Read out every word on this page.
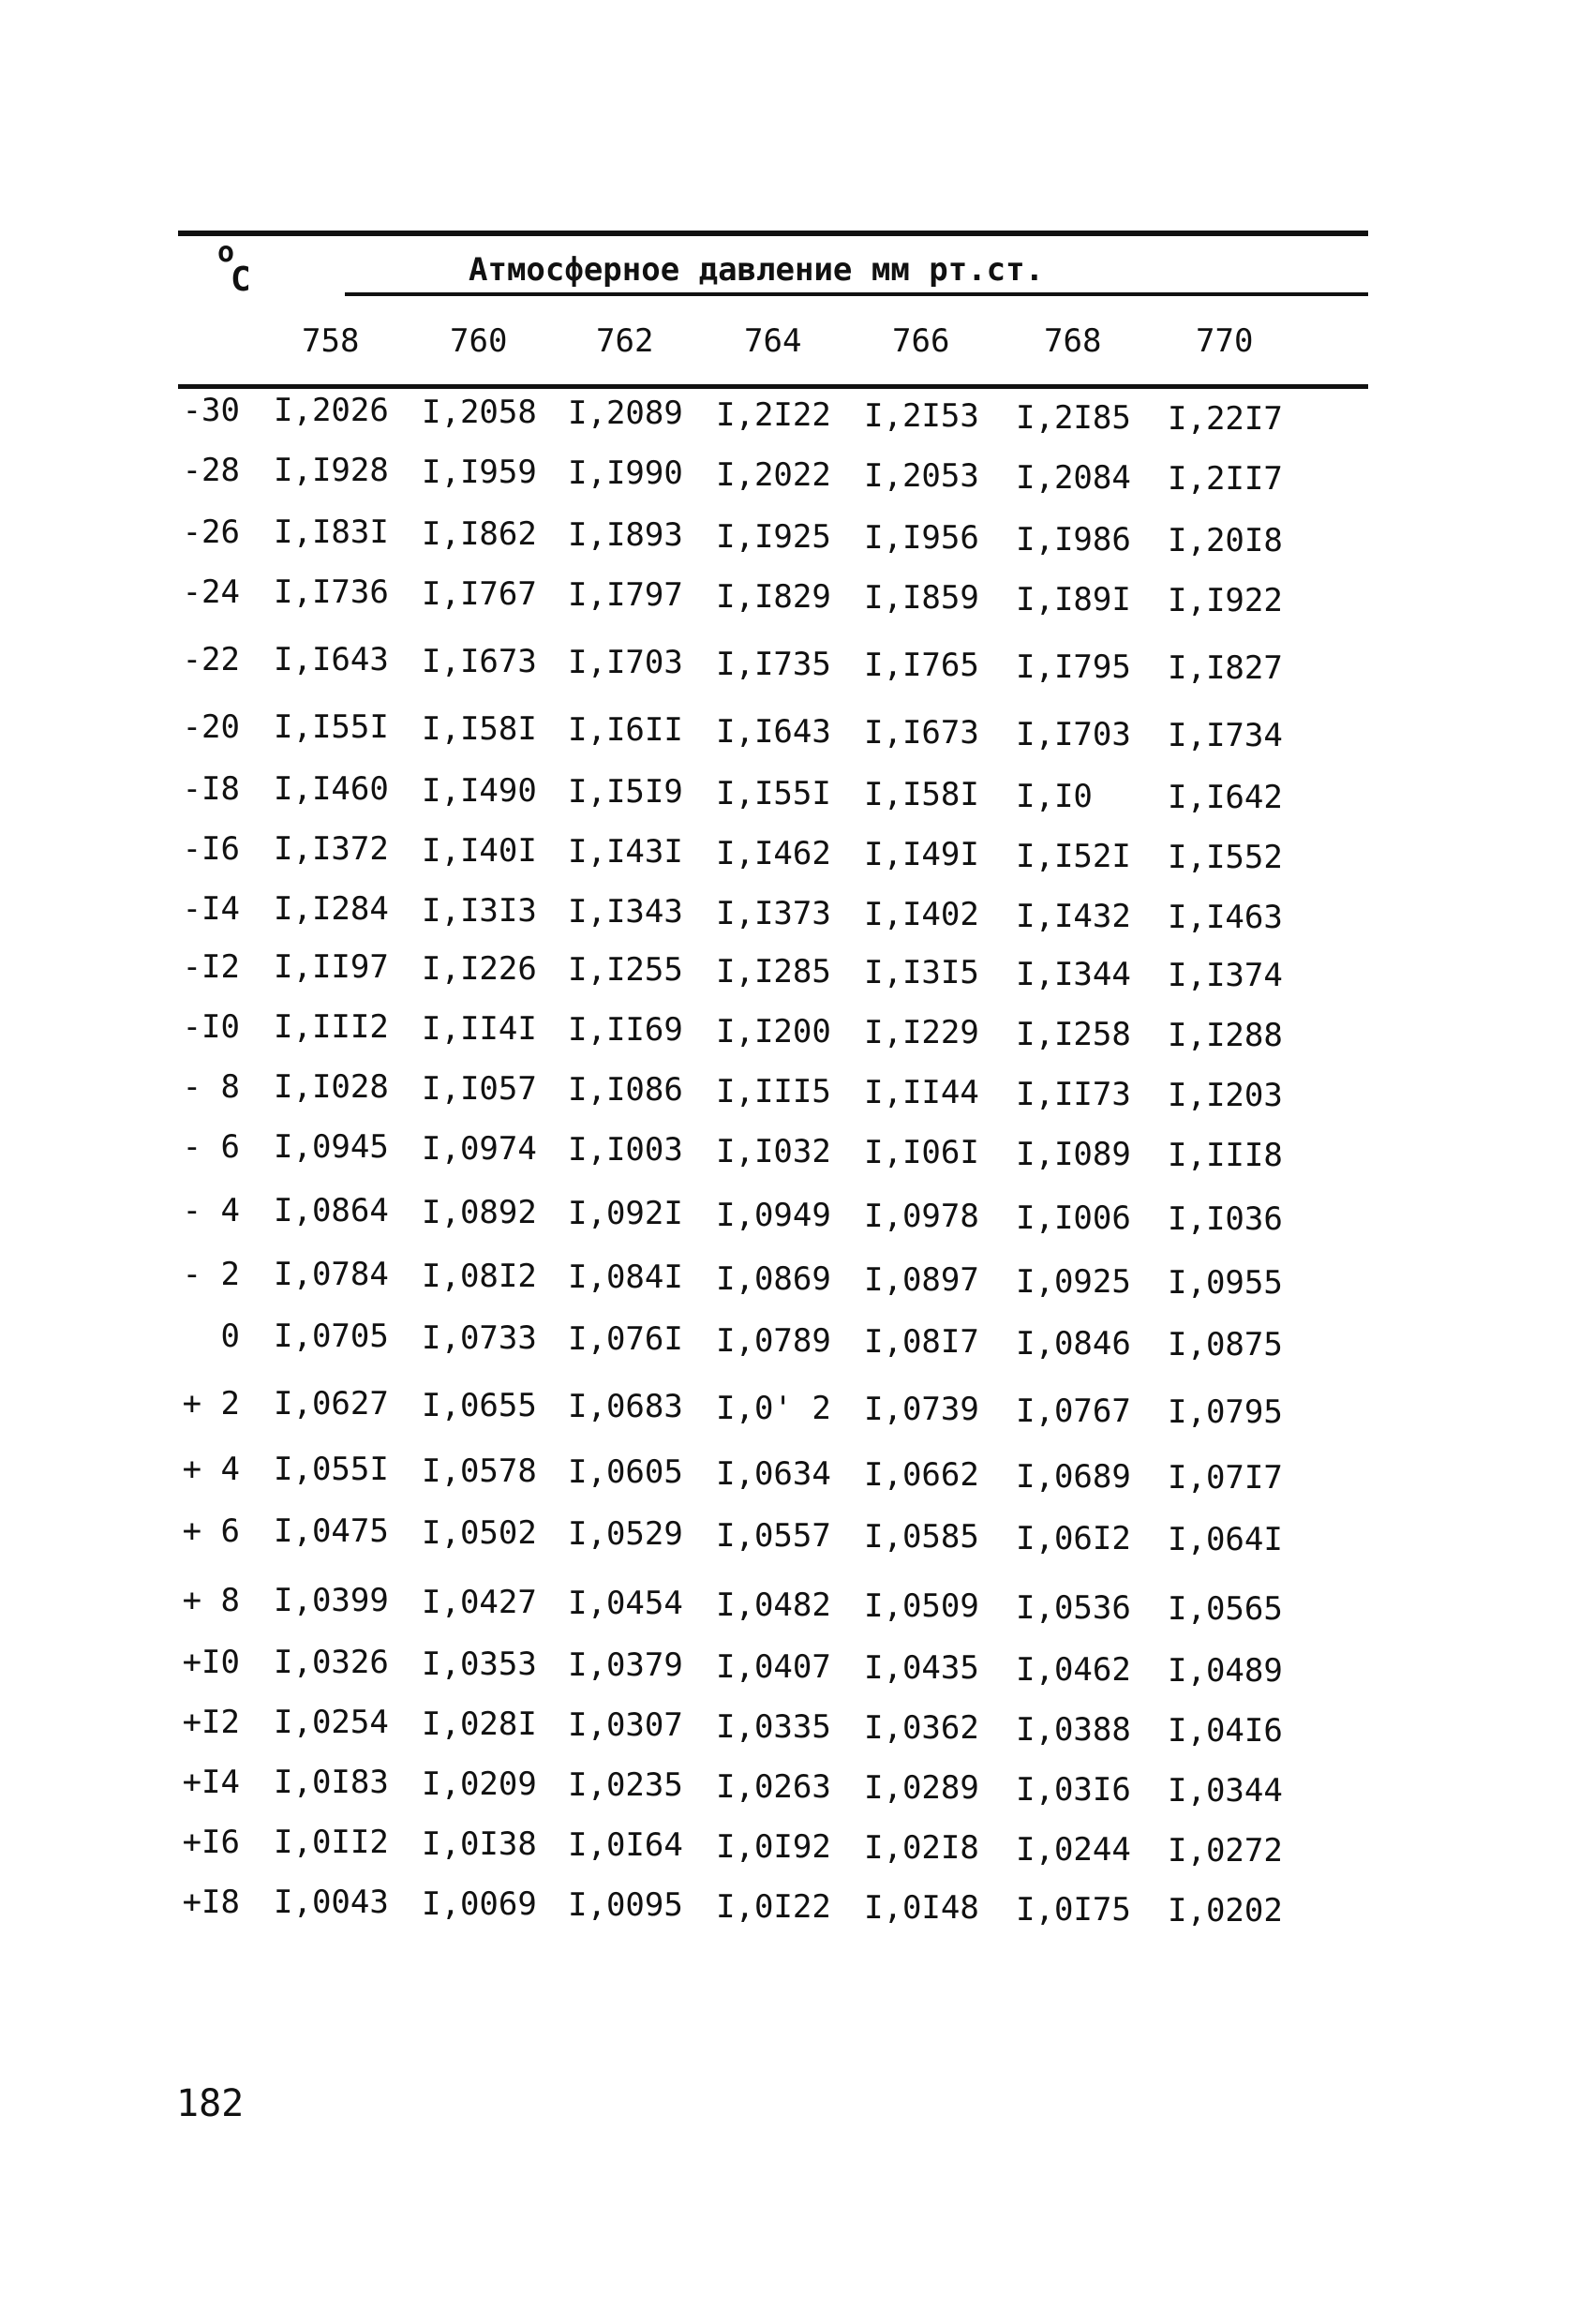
o
C	Атмосферное давление мм рт.ст.
758	760	762	764	766	768	770
-30 I,2026 I,2058 I,2089 I,2I22 I,2I53 I,2I85 I,22I7
-28 I,I928 I,I959 I,I990 I,2022 I,2053 I,2084 I,2II7
-26 I,I83I I,I862 I,I893 I,I925 I,I956 I,I986 I,20I8
-24 I,I736 I,I767 I,I797 I,I829 I,I859 I,I89I I,I922
-22 I,I643 I,I673 I,I703 I,I735 I,I765 I,I795 I,I827
-20 I,I55I I,I58I I,I6II I,I643 I,I673 I,I703 I,I734
-I8 I,I460 I,I490 I,I5I9 I,I55I I,I58I I,I0 I,I642
-I6 I,I372 I,I40I I,I43I I,I462 I,I49I I,I52I I,I552
-I4 I,I284 I,I3I3 I,I343 I,I373 I,I402 I,I432 I,I463
-I2 I,II97 I,I226 I,I255 I,I285 I,I3I5 I,I344 I,I374
-I0 I,III2 I,II4I I,II69 I,I200 I,I229 I,I258 I,I288
- 8 I,I028 I,I057 I,I086 I,III5 I,II44 I,II73 I,I203
- 6 I,0945 I,0974 I,I003 I,I032 I,I06I I,I089 I,III8
- 4 I,0864 I,0892 I,092I I,0949 I,0978 I,I006 I,I036
- 2 I,0784 I,08I2 I,084I I,0869 I,0897 I,0925 I,0955
0 I,0705 I,0733 I,076I I,0789 I,08I7 I,0846 I,0875
+ 2 I,0627 I,0655 I,0683 I,0' 2 I,0739 I,0767 I,0795
+ 4 I,055I I,0578 I,0605 I,0634 I,0662 I,0689 I,07I7
+ 6 I,0475 I,0502 I,0529 I,0557 I,0585 I,06I2 I,064I
+ 8 I,0399 I,0427 I,0454 I,0482 I,0509 I,0536 I,0565
+I0 I,0326 I,0353 I,0379 I,0407 I,0435 I,0462 I,0489
+I2 I,0254 I,028I I,0307 I,0335 I,0362 I,0388 I,04I6
+I4 I,0I83 I,0209 I,0235 I,0263 I,0289 I,03I6 I,0344
+I6 I,0II2 I,0I38 I,0I64 I,0I92 I,02I8 I,0244 I,0272
+I8 I,0043 I,0069 I,0095 I,0I22 I,0I48 I,0I75 I,0202
182
